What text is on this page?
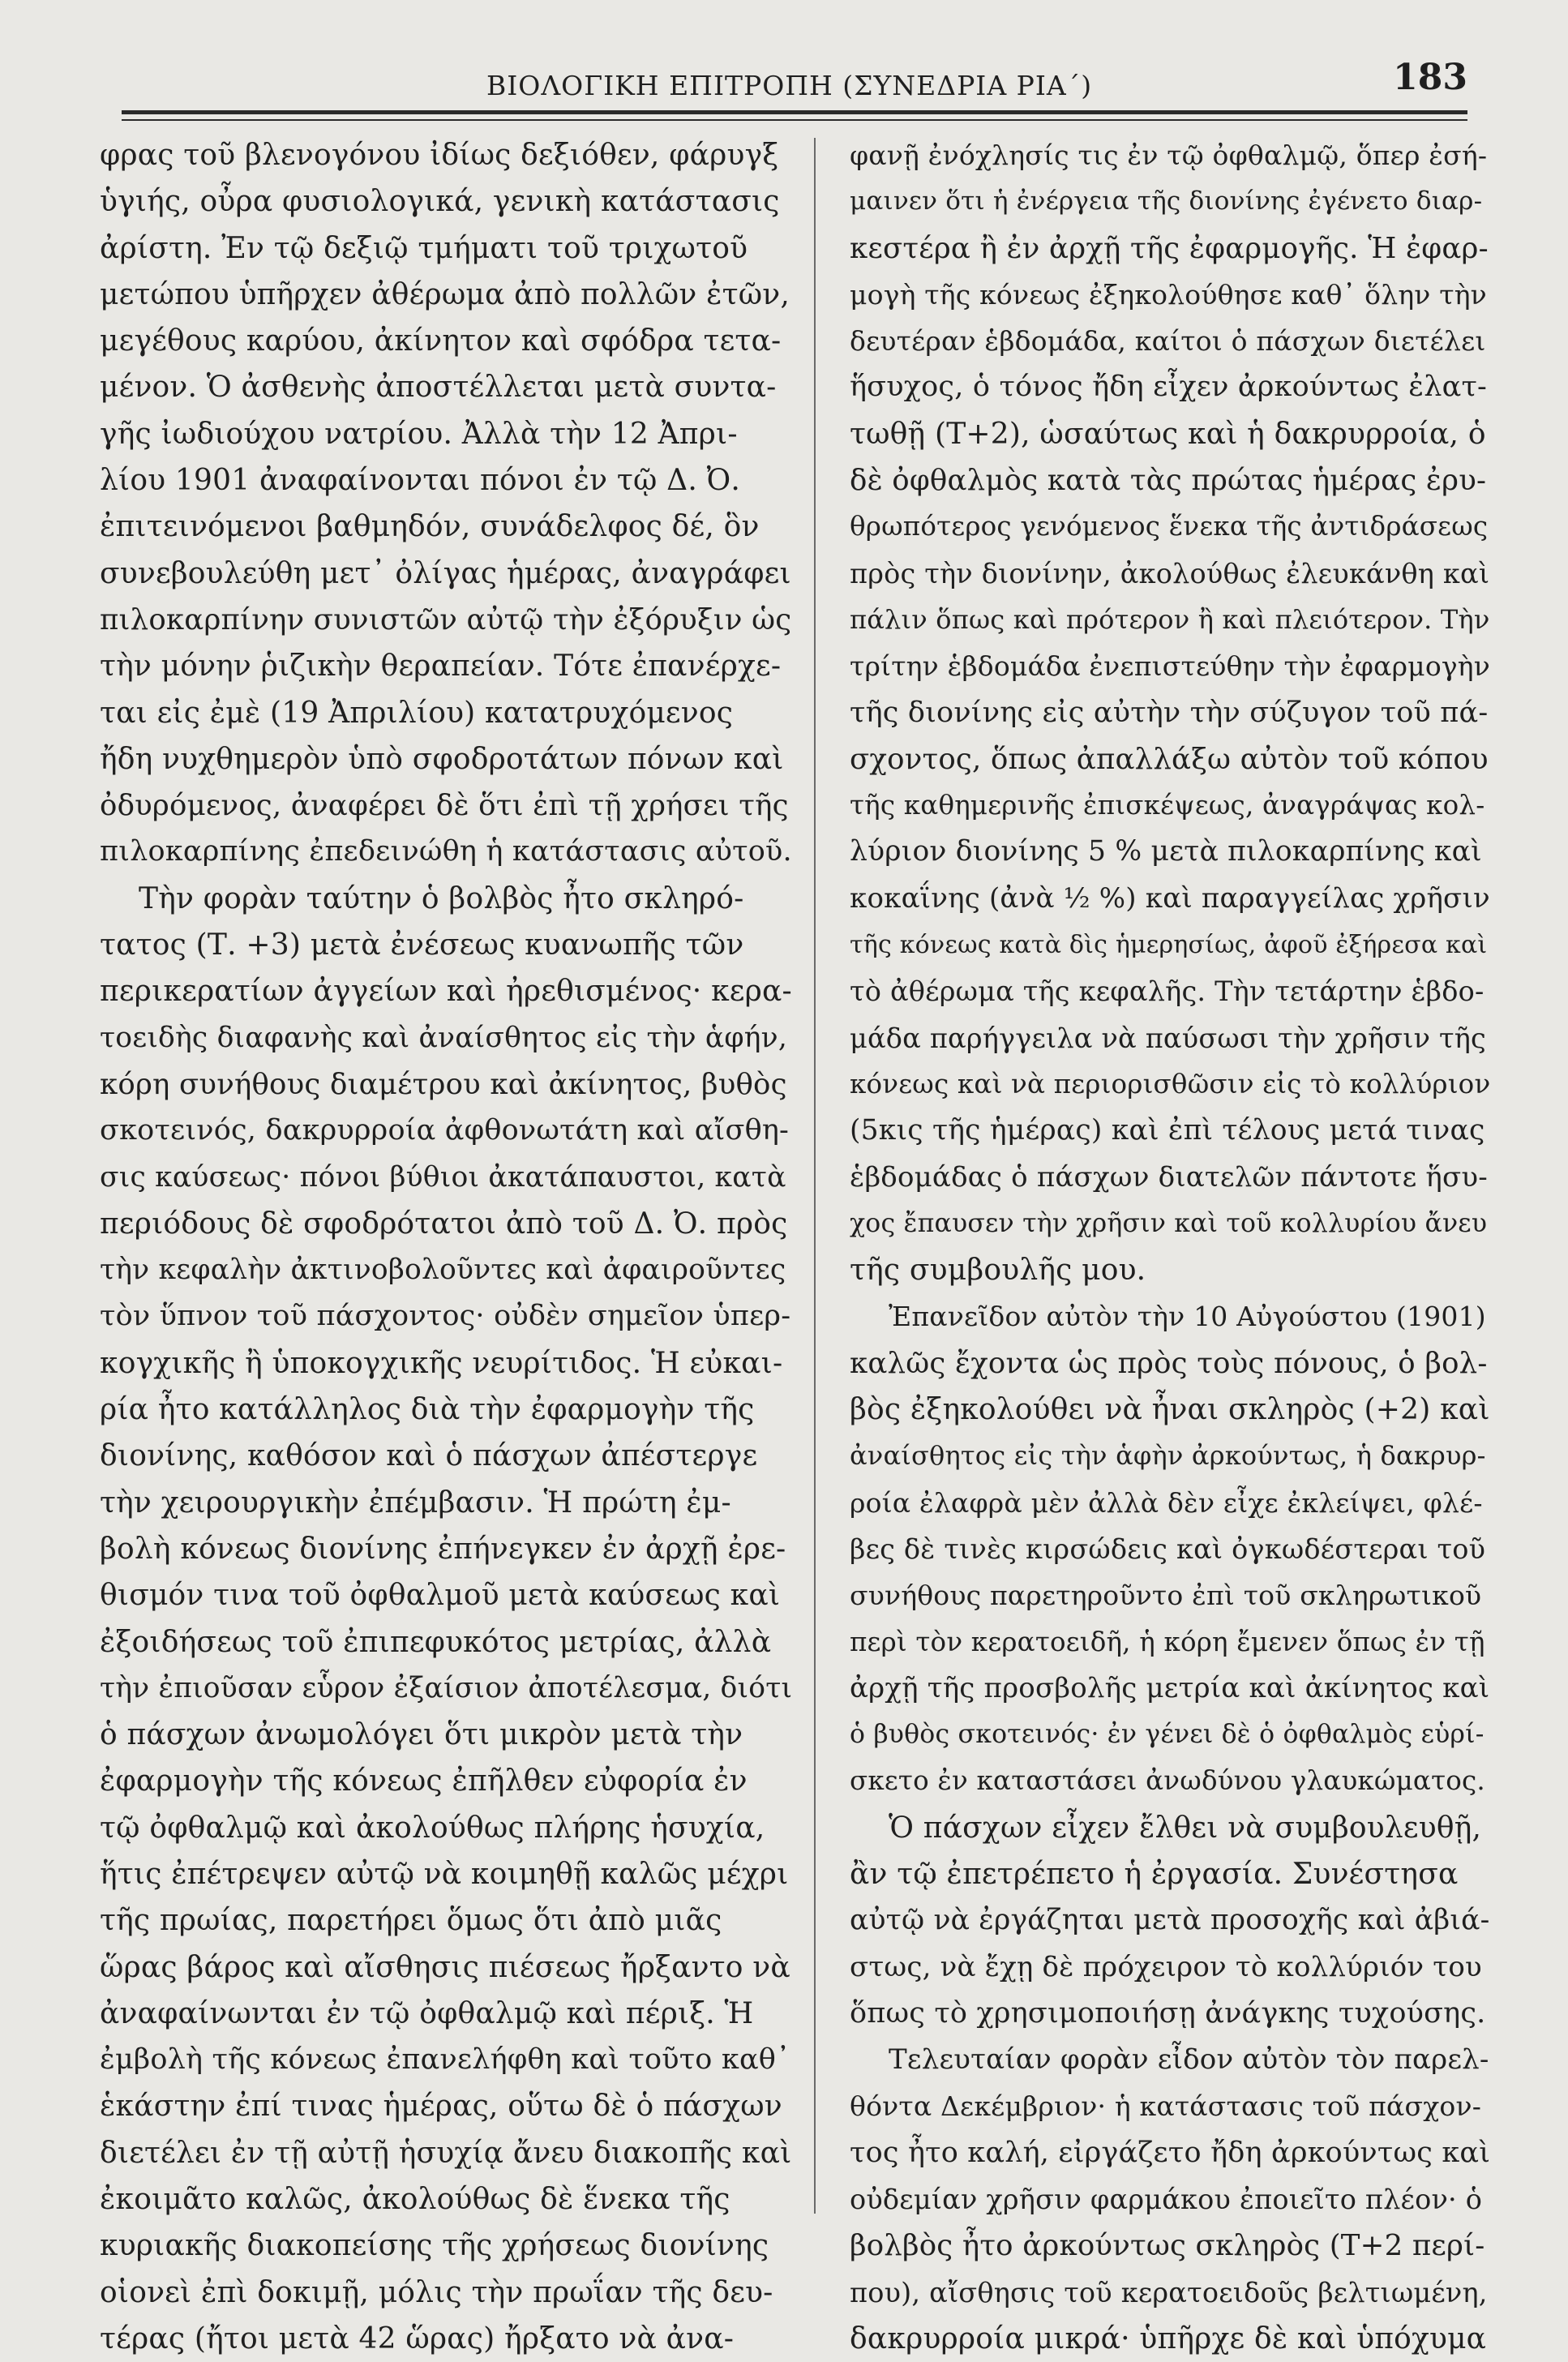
ΒΙΟΛΟΓΙΚΗ ΕΠΙΤΡΟΠΗ (ΣΥΝΕΔΡΙΑ ΡΙΑ΄)	183
φρας τοῦ βλενογόνου ἰδίως δεξιόθεν, φάρυγξ
ὑγιής, οὖρα φυσιολογικά, γενικὴ κατάστασις
ἀρίστη. Ἐν τῷ δεξιῷ τμήματι τοῦ τριχωτοῦ
μετώπου ὑπῆρχεν ἀθέρωμα ἀπὸ πολλῶν ἐτῶν,
μεγέθους καρύου, ἀκίνητον καὶ σφόδρα τετα-
μένον. Ὁ ἀσθενὴς ἀποστέλλεται μετὰ συντα-
γῆς ἰωδιούχου νατρίου. Ἀλλὰ τὴν 12 Ἀπρι-
λίου 1901 ἀναφαίνονται πόνοι ἐν τῷ Δ. Ὀ.
ἐπιτεινόμενοι βαθμηδόν, συνάδελφος δέ, ὃν
συνεβουλεύθη μετ᾽ ὀλίγας ἡμέρας, ἀναγράφει
πιλοκαρπίνην συνιστῶν αὐτῷ τὴν ἐξόρυξιν ὡς
τὴν μόνην ῥιζικὴν θεραπείαν. Τότε ἐπανέρχε-
ται εἰς ἐμὲ (19 Ἀπριλίου) κατατρυχόμενος
ἤδη νυχθημερὸν ὑπὸ σφοδροτάτων πόνων καὶ
ὀδυρόμενος, ἀναφέρει δὲ ὅτι ἐπὶ τῇ χρήσει τῆς
πιλοκαρπίνης ἐπεδεινώθη ἡ κατάστασις αὐτοῦ.
Τὴν φορὰν ταύτην ὁ βολβὸς ἦτο σκληρό-
τατος (Τ. +3) μετὰ ἐνέσεως κυανωπῆς τῶν
περικερατίων ἀγγείων καὶ ἠρεθισμένος· κερα-
τοειδὴς διαφανὴς καὶ ἀναίσθητος εἰς τὴν ἁφήν,
κόρη συνήθους διαμέτρου καὶ ἀκίνητος, βυθὸς
σκοτεινός, δακρυρροία ἀφθονωτάτη καὶ αἴσθη-
σις καύσεως· πόνοι βύθιοι ἀκατάπαυστοι, κατὰ
περιόδους δὲ σφοδρότατοι ἀπὸ τοῦ Δ. Ὀ. πρὸς
τὴν κεφαλὴν ἀκτινοβολοῦντες καὶ ἀφαιροῦντες
τὸν ὕπνον τοῦ πάσχοντος· οὐδὲν σημεῖον ὑπερ-
κογχικῆς ἢ ὑποκογχικῆς νευρίτιδος. Ἡ εὐκαι-
ρία ἦτο κατάλληλος διὰ τὴν ἐφαρμογὴν τῆς
διονίνης, καθόσον καὶ ὁ πάσχων ἀπέστεργε
τὴν χειρουργικὴν ἐπέμβασιν. Ἡ πρώτη ἐμ-
βολὴ κόνεως διονίνης ἐπήνεγκεν ἐν ἀρχῇ ἐρε-
θισμόν τινα τοῦ ὀφθαλμοῦ μετὰ καύσεως καὶ
ἐξοιδήσεως τοῦ ἐπιπεφυκότος μετρίας, ἀλλὰ
τὴν ἐπιοῦσαν εὗρον ἐξαίσιον ἀποτέλεσμα, διότι
ὁ πάσχων ἀνωμολόγει ὅτι μικρὸν μετὰ τὴν
ἐφαρμογὴν τῆς κόνεως ἐπῆλθεν εὐφορία ἐν
τῷ ὀφθαλμῷ καὶ ἀκολούθως πλήρης ἡσυχία,
ἥτις ἐπέτρεψεν αὐτῷ νὰ κοιμηθῇ καλῶς μέχρι
τῆς πρωίας, παρετήρει ὅμως ὅτι ἀπὸ μιᾶς
ὥρας βάρος καὶ αἴσθησις πιέσεως ἤρξαντο νὰ
ἀναφαίνωνται ἐν τῷ ὀφθαλμῷ καὶ πέριξ. Ἡ
ἐμβολὴ τῆς κόνεως ἐπανελήφθη καὶ τοῦτο καθ᾽
ἑκάστην ἐπί τινας ἡμέρας, οὕτω δὲ ὁ πάσχων
διετέλει ἐν τῇ αὐτῇ ἡσυχίᾳ ἄνευ διακοπῆς καὶ
ἐκοιμᾶτο καλῶς, ἀκολούθως δὲ ἕνεκα τῆς
κυριακῆς διακοπείσης τῆς χρήσεως διονίνης
οἱονεὶ ἐπὶ δοκιμῇ, μόλις τὴν πρωΐαν τῆς δευ-
τέρας (ἤτοι μετὰ 42 ὥρας) ἤρξατο νὰ ἀνα-
φανῇ ἐνόχλησίς τις ἐν τῷ ὀφθαλμῷ, ὅπερ ἐσή-
μαινεν ὅτι ἡ ἐνέργεια τῆς διονίνης ἐγένετο διαρ-
κεστέρα ἢ ἐν ἀρχῇ τῆς ἐφαρμογῆς. Ἡ ἐφαρ-
μογὴ τῆς κόνεως ἐξηκολούθησε καθ᾽ ὅλην τὴν
δευτέραν ἑβδομάδα, καίτοι ὁ πάσχων διετέλει
ἥσυχος, ὁ τόνος ἤδη εἶχεν ἀρκούντως ἐλατ-
τωθῇ (Τ+2), ὡσαύτως καὶ ἡ δακρυρροία, ὁ
δὲ ὀφθαλμὸς κατὰ τὰς πρώτας ἡμέρας ἐρυ-
θρωπότερος γενόμενος ἕνεκα τῆς ἀντιδράσεως
πρὸς τὴν διονίνην, ἀκολούθως ἐλευκάνθη καὶ
πάλιν ὅπως καὶ πρότερον ἢ καὶ πλειότερον. Τὴν
τρίτην ἑβδομάδα ἐνεπιστεύθην τὴν ἐφαρμογὴν
τῆς διονίνης εἰς αὐτὴν τὴν σύζυγον τοῦ πά-
σχοντος, ὅπως ἀπαλλάξω αὐτὸν τοῦ κόπου
τῆς καθημερινῆς ἐπισκέψεως, ἀναγράψας κολ-
λύριον διονίνης 5 % μετὰ πιλοκαρπίνης καὶ
κοκαΐνης (ἀνὰ ½ %) καὶ παραγγείλας χρῆσιν
τῆς κόνεως κατὰ δὶς ἡμερησίως, ἀφοῦ ἐξήρεσα καὶ
τὸ ἀθέρωμα τῆς κεφαλῆς. Τὴν τετάρτην ἑβδο-
μάδα παρήγγειλα νὰ παύσωσι τὴν χρῆσιν τῆς
κόνεως καὶ νὰ περιορισθῶσιν εἰς τὸ κολλύριον
(5κις τῆς ἡμέρας) καὶ ἐπὶ τέλους μετά τινας
ἑβδομάδας ὁ πάσχων διατελῶν πάντοτε ἥσυ-
χος ἔπαυσεν τὴν χρῆσιν καὶ τοῦ κολλυρίου ἄνευ
τῆς συμβουλῆς μου.
Ἐπανεῖδον αὐτὸν τὴν 10 Αὐγούστου (1901)
καλῶς ἔχοντα ὡς πρὸς τοὺς πόνους, ὁ βολ-
βὸς ἐξηκολούθει νὰ ἦναι σκληρὸς (+2) καὶ
ἀναίσθητος εἰς τὴν ἁφὴν ἀρκούντως, ἡ δακρυρ-
ροία ἐλαφρὰ μὲν ἀλλὰ δὲν εἶχε ἐκλείψει, φλέ-
βες δὲ τινὲς κιρσώδεις καὶ ὀγκωδέστεραι τοῦ
συνήθους παρετηροῦντο ἐπὶ τοῦ σκληρωτικοῦ
περὶ τὸν κερατοειδῆ, ἡ κόρη ἔμενεν ὅπως ἐν τῇ
ἀρχῇ τῆς προσβολῆς μετρία καὶ ἀκίνητος καὶ
ὁ βυθὸς σκοτεινός· ἐν γένει δὲ ὁ ὀφθαλμὸς εὑρί-
σκετο ἐν καταστάσει ἀνωδύνου γλαυκώματος.
Ὁ πάσχων εἶχεν ἔλθει νὰ συμβουλευθῇ,
ἂν τῷ ἐπετρέπετο ἡ ἐργασία. Συνέστησα
αὐτῷ νὰ ἐργάζηται μετὰ προσοχῆς καὶ ἀβιά-
στως, νὰ ἔχῃ δὲ πρόχειρον τὸ κολλύριόν του
ὅπως τὸ χρησιμοποιήσῃ ἀνάγκης τυχούσης.
Τελευταίαν φορὰν εἶδον αὐτὸν τὸν παρελ-
θόντα Δεκέμβριον· ἡ κατάστασις τοῦ πάσχον-
τος ἦτο καλή, εἰργάζετο ἤδη ἀρκούντως καὶ
οὐδεμίαν χρῆσιν φαρμάκου ἐποιεῖτο πλέον· ὁ
βολβὸς ἦτο ἀρκούντως σκληρὸς (Τ+2 περί-
που), αἴσθησις τοῦ κερατοειδοῦς βελτιωμένη,
δακρυρροία μικρά· ὑπῆρχε δὲ καὶ ὑπόχυμα
